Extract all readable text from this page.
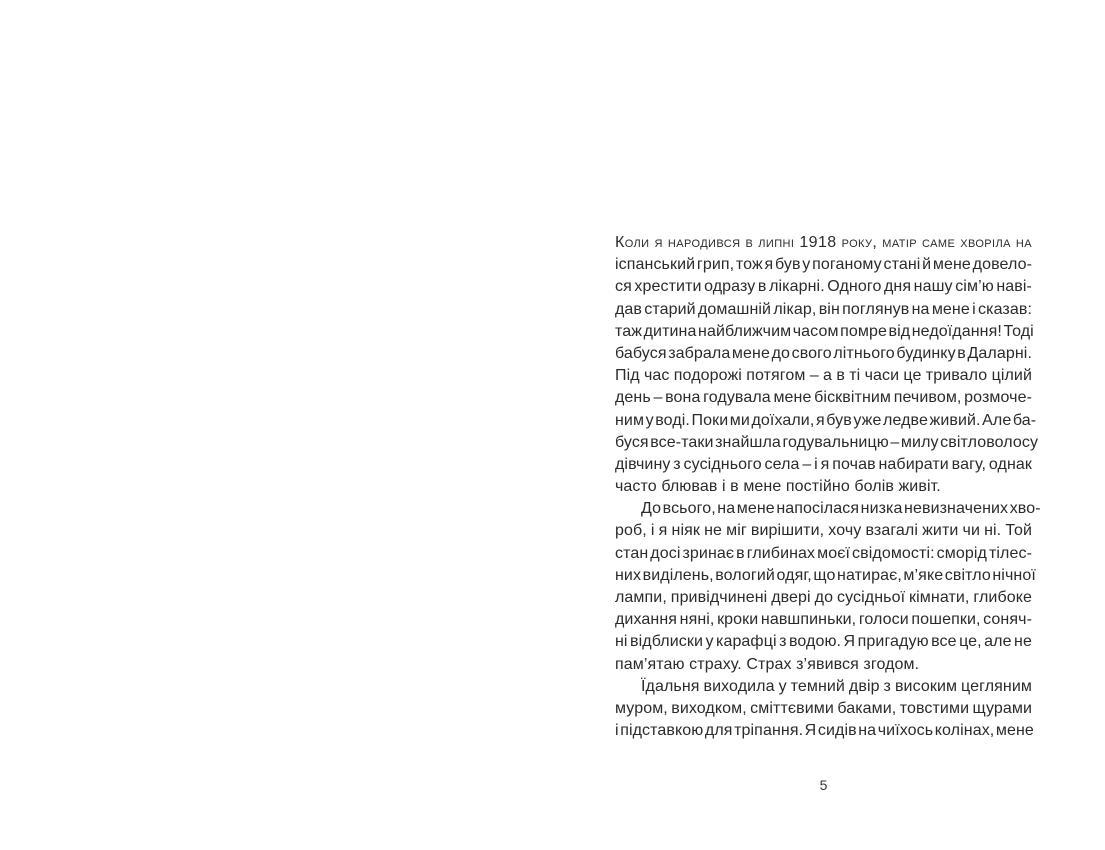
Коли я народився в липні 1918 року, матір саме хворіла на
іспанський грип, тож я був у поганому стані й мене довело-
ся хрестити одразу в лікарні. Одного дня нашу сім’ю наві-
дав старий домашній лікар, він поглянув на мене і сказав:
таж дитина найближчим часом помре від недоїдання! Тоді
бабуся забрала мене до свого літнього будинку в Даларні.
Під час подорожі потягом – а в ті часи це тривало цілий
день – вона годувала мене бісквітним печивом, розмоче-
ним у воді. Поки ми доїхали, я був уже ледве живий. Але ба-
буся все-таки знайшла годувальницю – милу світловолосу
дівчину з сусіднього села – і я почав набирати вагу, однак
часто блював і в мене постійно болів живіт.
До всього, на мене напосілася низка невизначених хво-
роб, і я ніяк не міг вирішити, хочу взагалі жити чи ні. Той
стан досі зринає в глибинах моєї свідомості: сморід тілес-
них виділень, вологий одяг, що натирає, м’яке світло нічної
лампи, привідчинені двері до сусідньої кімнати, глибоке
дихання няні, кроки навшпиньки, голоси пошепки, соняч-
ні відблиски у карафці з водою. Я пригадую все це, але не
пам’ятаю страху. Страх з’явився згодом.
Їдальня виходила у темний двір з високим цегляним
муром, виходком, сміттєвими баками, товстими щурами
і підставкою для тріпання. Я сидів на чиїхось колінах, мене
5
